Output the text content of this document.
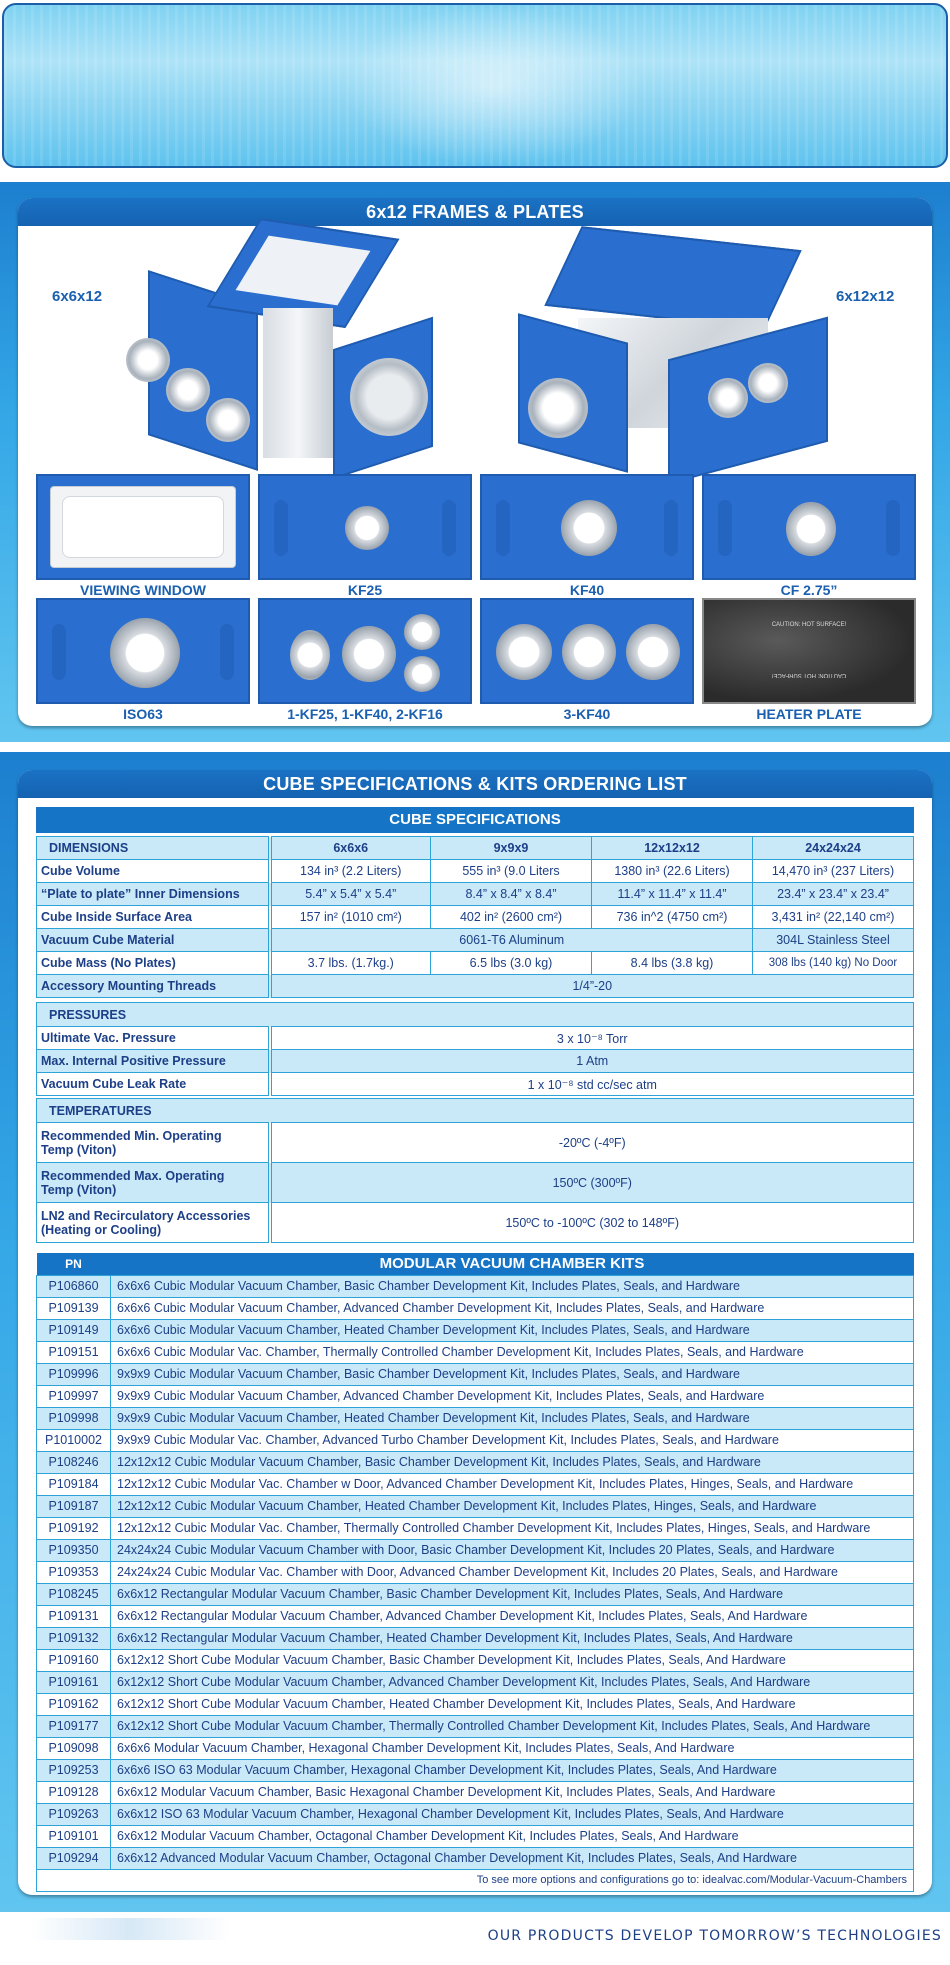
6x12 FRAMES & PLATES
6x6x12	6x12x12
VIEWING WINDOW	KF25	KF40	CF 2.75”
ISO63	1-KF25, 1-KF40, 2-KF16	3-KF40
CAUTION: HOT SURFACE!
CAUTION: HOT SURFACE!
HEATER PLATE
CUBE SPECIFICATIONS & KITS ORDERING LIST
CUBE SPECIFICATIONS
DIMENSIONS	6x6x6	9x9x9	12x12x12	24x24x24
Cube Volume	134 in³ (2.2 Liters)	555 in³ (9.0 Liters	1380 in³ (22.6 Liters)	14,470 in³ (237 Liters)
“Plate to plate” Inner Dimensions	5.4” x 5.4” x 5.4”	8.4” x 8.4” x 8.4”	11.4” x 11.4” x 11.4”	23.4” x 23.4” x 23.4”
Cube Inside Surface Area	157 in² (1010 cm²)	402 in² (2600 cm²)	736 in^2 (4750 cm²)	3,431 in² (22,140 cm²)
Vacuum Cube Material	6061-T6 Aluminum			304L Stainless Steel
Cube Mass (No Plates)	3.7 lbs. (1.7kg.)	6.5 lbs (3.0 kg)	8.4 lbs (3.8 kg)	308 lbs (140 kg) No Door
Accessory Mounting Threads	1/4”-20			
PRESSURES	
Ultimate Vac. Pressure	3 x 10⁻⁸ Torr
Max. Internal Positive Pressure	1 Atm
Vacuum Cube Leak Rate	1 x 10⁻⁸ std cc/sec atm
TEMPERATURES	
Recommended Min. Operating Temp (Viton)	-20ºC (-4ºF)
Recommended Max. Operating Temp (Viton)	150ºC (300ºF)
LN2 and Recirculatory Accessories (Heating or Cooling)	150ºC to -100ºC (302 to 148ºF)
PN	MODULAR VACUUM CHAMBER KITS
P106860	6x6x6 Cubic Modular Vacuum Chamber, Basic Chamber Development Kit, Includes Plates, Seals, and Hardware
P109139	6x6x6 Cubic Modular Vacuum Chamber, Advanced Chamber Development Kit, Includes Plates, Seals, and Hardware
P109149	6x6x6 Cubic Modular Vacuum Chamber, Heated Chamber Development Kit, Includes Plates, Seals, and Hardware
P109151	6x6x6 Cubic Modular Vac. Chamber, Thermally Controlled Chamber Development Kit, Includes Plates, Seals, and Hardware
P109996	9x9x9 Cubic Modular Vacuum Chamber, Basic Chamber Development Kit, Includes Plates, Seals, and Hardware
P109997	9x9x9 Cubic Modular Vacuum Chamber, Advanced Chamber Development Kit, Includes Plates, Seals, and Hardware
P109998	9x9x9 Cubic Modular Vacuum Chamber, Heated Chamber Development Kit, Includes Plates, Seals, and Hardware
P1010002	9x9x9 Cubic Modular Vac. Chamber, Advanced Turbo Chamber Development Kit, Includes Plates, Seals, and Hardware
P108246	12x12x12 Cubic Modular Vacuum Chamber, Basic Chamber Development Kit, Includes Plates, Seals, and Hardware
P109184	12x12x12 Cubic Modular Vac. Chamber w Door, Advanced Chamber Development Kit, Includes Plates, Hinges, Seals, and Hardware
P109187	12x12x12 Cubic Modular Vacuum Chamber, Heated Chamber Development Kit, Includes Plates, Hinges, Seals, and Hardware
P109192	12x12x12 Cubic Modular Vac. Chamber, Thermally Controlled Chamber Development Kit, Includes Plates, Hinges, Seals, and Hardware
P109350	24x24x24 Cubic Modular Vacuum Chamber with Door, Basic Chamber Development Kit, Includes 20 Plates, Seals, and Hardware
P109353	24x24x24 Cubic Modular Vac. Chamber with Door, Advanced Chamber Development Kit, Includes 20 Plates, Seals, and Hardware
P108245	6x6x12 Rectangular Modular Vacuum Chamber, Basic Chamber Development Kit, Includes Plates, Seals, And Hardware
P109131	6x6x12 Rectangular Modular Vacuum Chamber, Advanced Chamber Development Kit, Includes Plates, Seals, And Hardware
P109132	6x6x12 Rectangular Modular Vacuum Chamber, Heated Chamber Development Kit, Includes Plates, Seals, And Hardware
P109160	6x12x12 Short Cube Modular Vacuum Chamber, Basic Chamber Development Kit, Includes Plates, Seals, And Hardware
P109161	6x12x12 Short Cube Modular Vacuum Chamber, Advanced Chamber Development Kit, Includes Plates, Seals, And Hardware
P109162	6x12x12 Short Cube Modular Vacuum Chamber, Heated Chamber Development Kit, Includes Plates, Seals, And Hardware
P109177	6x12x12 Short Cube Modular Vacuum Chamber, Thermally Controlled Chamber Development Kit, Includes Plates, Seals, And Hardware
P109098	6x6x6 Modular Vacuum Chamber, Hexagonal Chamber Development Kit, Includes Plates, Seals, And Hardware
P109253	6x6x6 ISO 63 Modular Vacuum Chamber, Hexagonal Chamber Development Kit, Includes Plates, Seals, And Hardware
P109128	6x6x12 Modular Vacuum Chamber, Basic Hexagonal Chamber Development Kit, Includes Plates, Seals, And Hardware
P109263	6x6x12 ISO 63 Modular Vacuum Chamber, Hexagonal Chamber Development Kit, Includes Plates, Seals, And Hardware
P109101	6x6x12 Modular Vacuum Chamber, Octagonal Chamber Development Kit, Includes Plates, Seals, And Hardware
P109294	6x6x12 Advanced Modular Vacuum Chamber, Octagonal Chamber Development Kit, Includes Plates, Seals, And Hardware
To see more options and configurations go to: idealvac.com/Modular-Vacuum-Chambers	
OUR PRODUCTS DEVELOP TOMORROW’S TECHNOLOGIES
